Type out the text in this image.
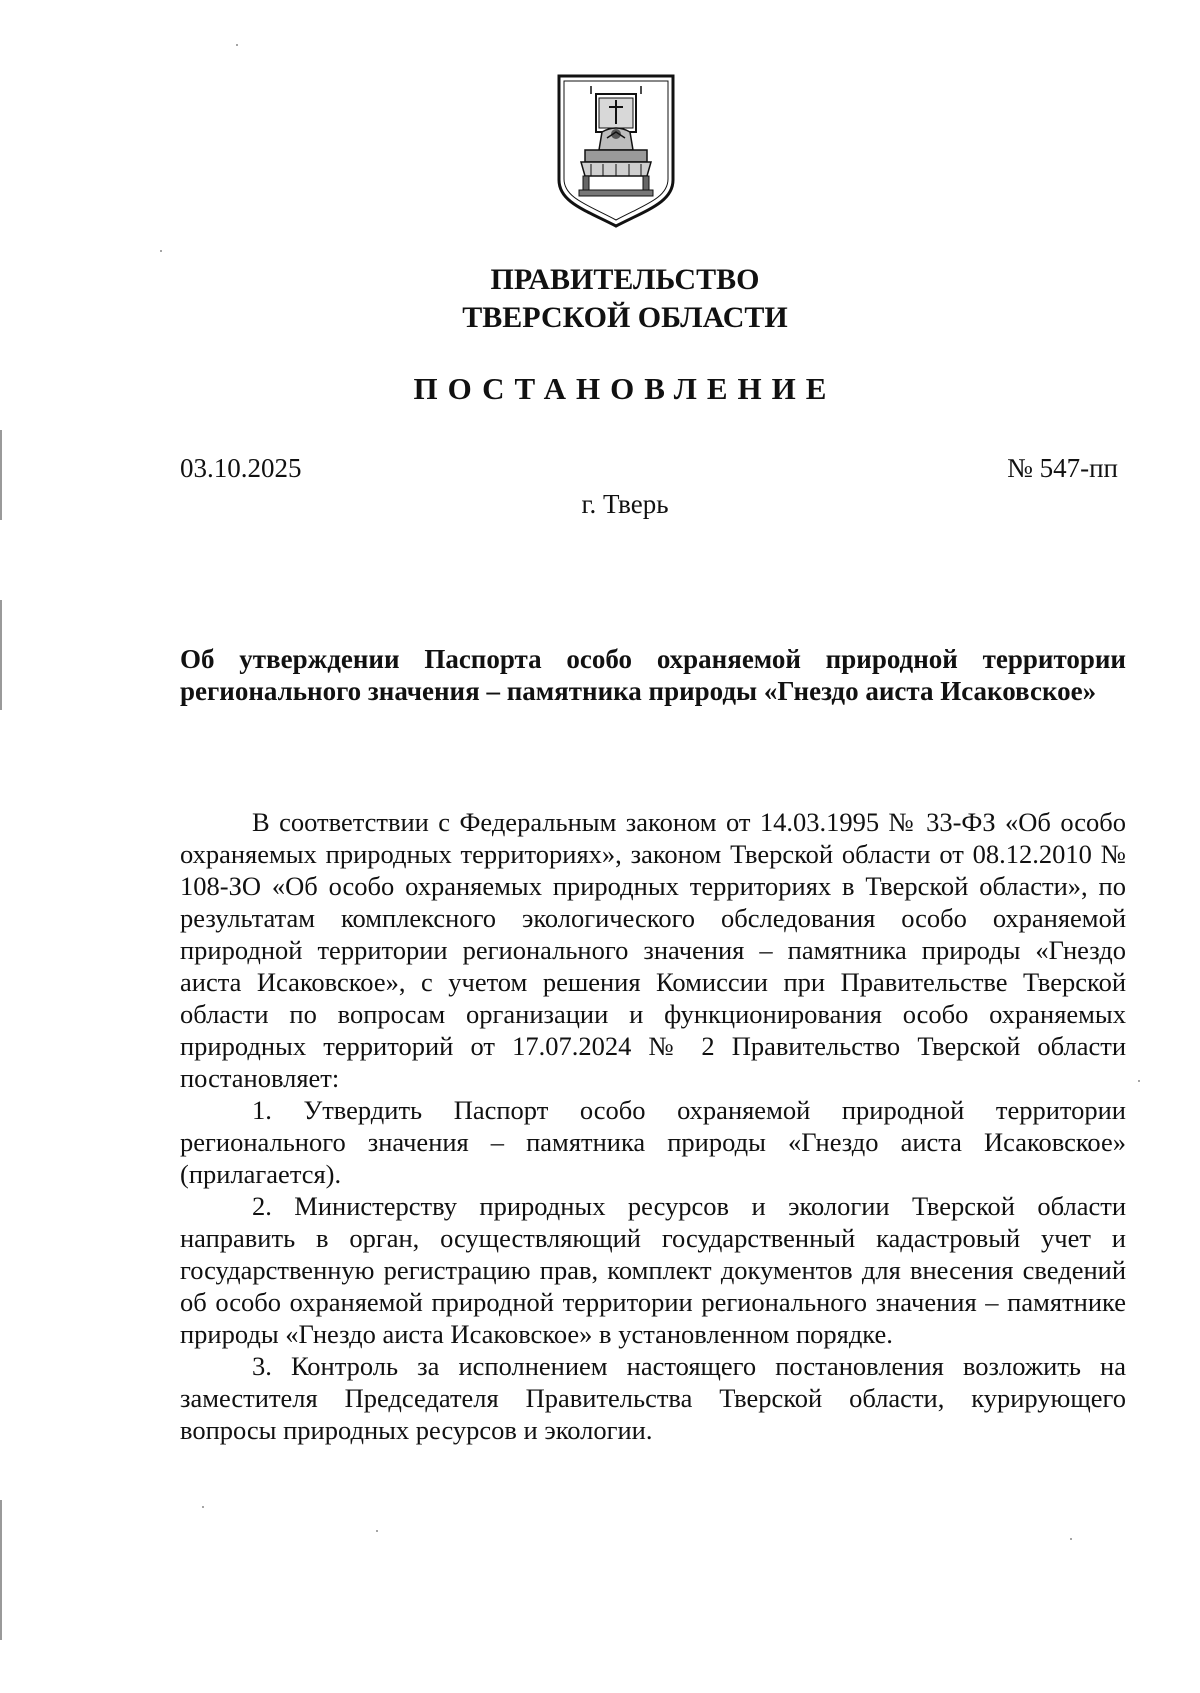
ПРАВИТЕЛЬСТВО
ТВЕРСКОЙ ОБЛАСТИ
ПОСТАНОВЛЕНИЕ
03.10.2025	№ 547-пп
г. Тверь

Об утверждении Паспорта особо охраняемой природной территории регионального значения – памятника природы «Гнездо аиста Исаковское»

В соответствии с Федеральным законом от 14.03.1995 № 33-ФЗ «Об особо охраняемых природных территориях», законом Тверской области от 08.12.2010 № 108-ЗО «Об особо охраняемых природных территориях в Тверской области», по результатам комплексного экологического обследования особо охраняемой природной территории регионального значения – памятника природы «Гнездо аиста Исаковское», с учетом решения Комиссии при Правительстве Тверской области по вопросам организации и функционирования особо охраняемых природных территорий от 17.07.2024 № 2 Правительство Тверской области постановляет:

1. Утвердить Паспорт особо охраняемой природной территории регионального значения – памятника природы «Гнездо аиста Исаковское» (прилагается).

2. Министерству природных ресурсов и экологии Тверской области направить в орган, осуществляющий государственный кадастровый учет и государственную регистрацию прав, комплект документов для внесения сведений об особо охраняемой природной территории регионального значения – памятнике природы «Гнездо аиста Исаковское» в установленном порядке.

3. Контроль за исполнением настоящего постановления возложить на заместителя Председателя Правительства Тверской области, курирующего вопросы природных ресурсов и экологии.
